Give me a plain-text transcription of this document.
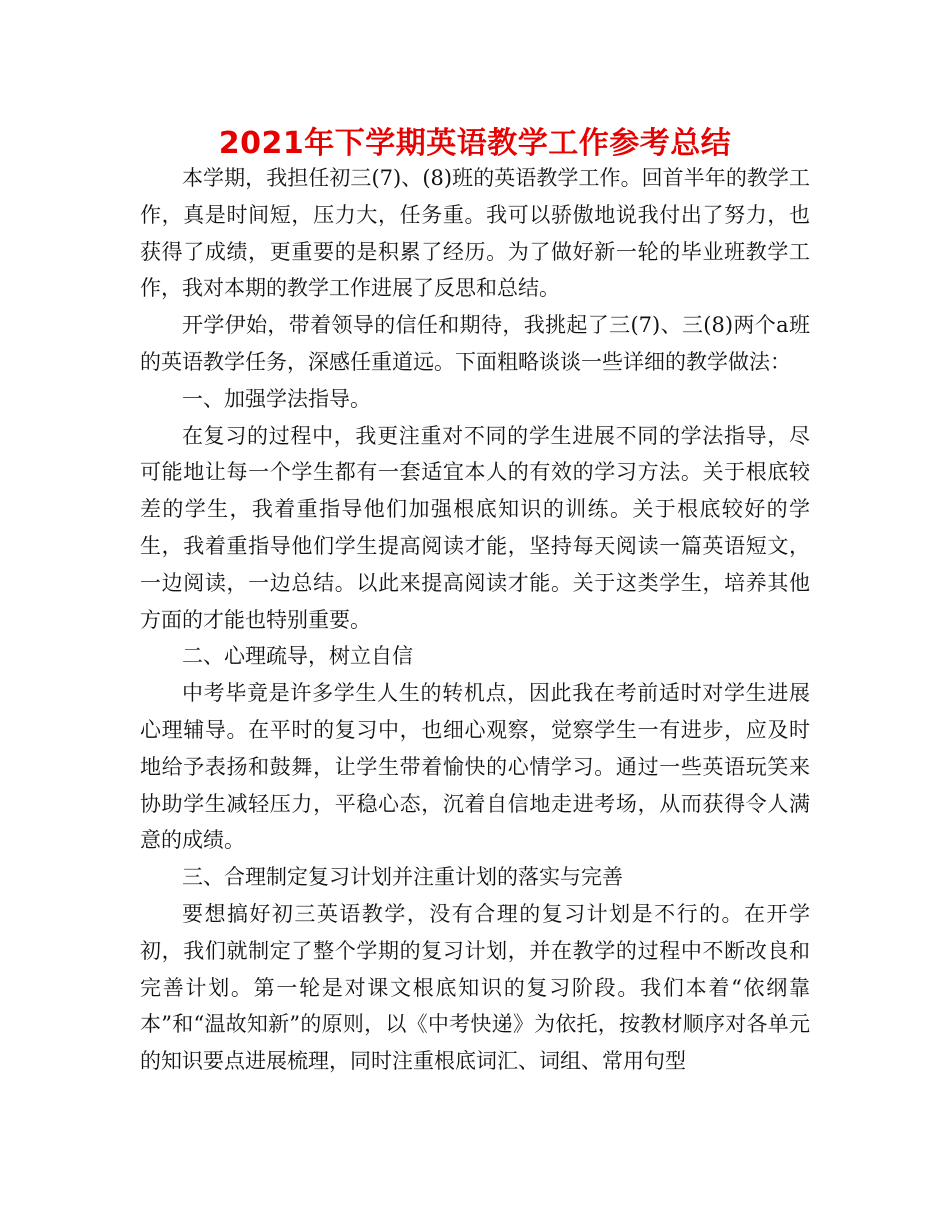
2021年下学期英语教学工作参考总结

本学期，我担任初三(7)、(8)班的英语教学工作。回首半年的教学工作，真是时间短，压力大，任务重。我可以骄傲地说我付出了努力，也获得了成绩，更重要的是积累了经历。为了做好新一轮的毕业班教学工作，我对本期的教学工作进展了反思和总结。

开学伊始，带着领导的信任和期待，我挑起了三(7)、三(8)两个a班的英语教学任务，深感任重道远。下面粗略谈谈一些详细的教学做法：

一、加强学法指导。

在复习的过程中，我更注重对不同的学生进展不同的学法指导，尽可能地让每一个学生都有一套适宜本人的有效的学习方法。关于根底较差的学生，我着重指导他们加强根底知识的训练。关于根底较好的学生，我着重指导他们学生提高阅读才能，坚持每天阅读一篇英语短文，一边阅读，一边总结。以此来提高阅读才能。关于这类学生，培养其他方面的才能也特别重要。

二、心理疏导，树立自信

中考毕竟是许多学生人生的转机点，因此我在考前适时对学生进展心理辅导。在平时的复习中，也细心观察，觉察学生一有进步，应及时地给予表扬和鼓舞，让学生带着愉快的心情学习。通过一些英语玩笑来协助学生减轻压力，平稳心态，沉着自信地走进考场，从而获得令人满意的成绩。

三、合理制定复习计划并注重计划的落实与完善

要想搞好初三英语教学，没有合理的复习计划是不行的。在开学初，我们就制定了整个学期的复习计划，并在教学的过程中不断改良和完善计划。第一轮是对课文根底知识的复习阶段。我们本着“依纲靠本”和“温故知新”的原则，以《中考快递》为依托，按教材顺序对各单元的知识要点进展梳理，同时注重根底词汇、词组、常用句型
